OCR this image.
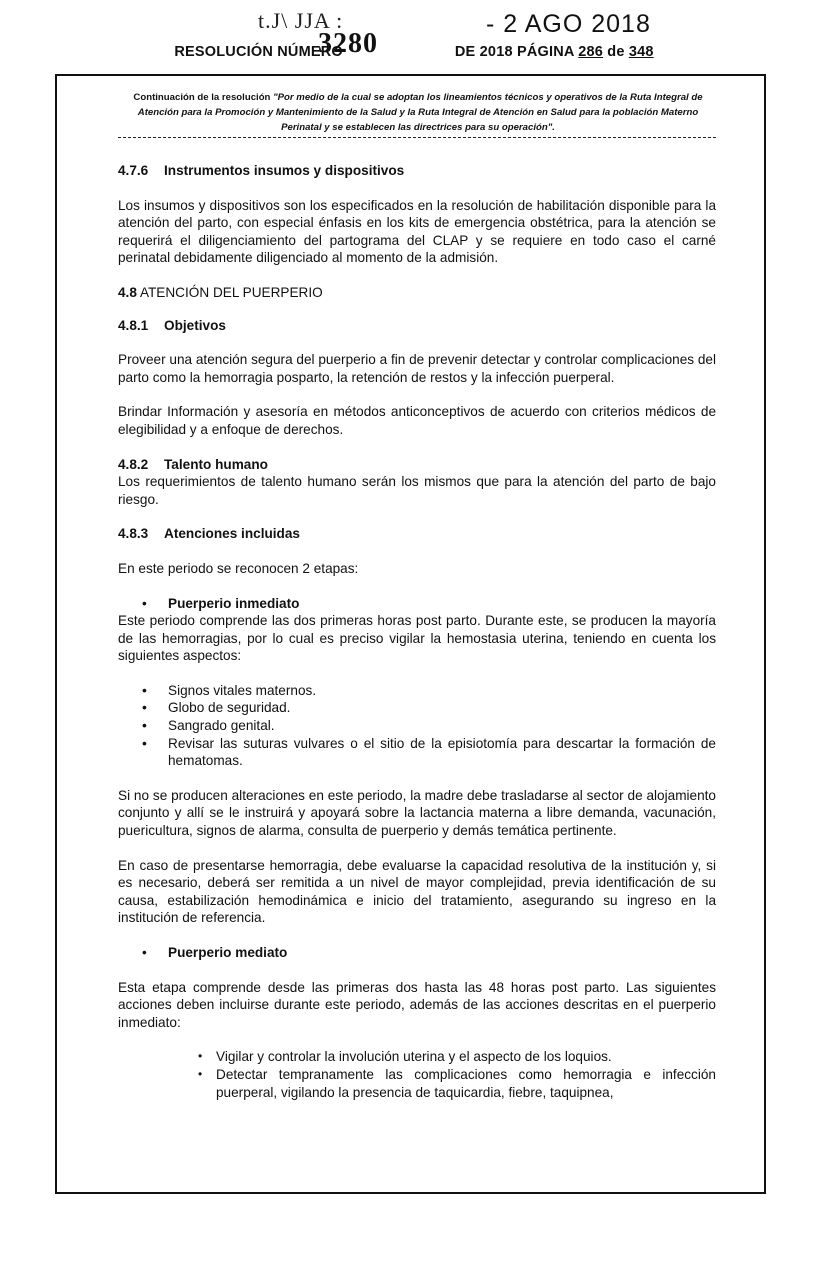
t.J\ JJA :
3280
- 2 AGO 2018
RESOLUCIÓN NÚMERO	DE 2018 PÁGINA 286 de 348
Continuación de la resolución "Por medio de la cual se adoptan los lineamientos técnicos y operativos de la Ruta Integral de Atención para la Promoción y Mantenimiento de la Salud y la Ruta Integral de Atención en Salud para la población Materno Perinatal y se establecen las directrices para su operación".

4.7.6 Instrumentos insumos y dispositivos

Los insumos y dispositivos son los especificados en la resolución de habilitación disponible para la atención del parto, con especial énfasis en los kits de emergencia obstétrica, para la atención se requerirá el diligenciamiento del partograma del CLAP y se requiere en todo caso el carné perinatal debidamente diligenciado al momento de la admisión.

4.8 ATENCIÓN DEL PUERPERIO

4.8.1 Objetivos

Proveer una atención segura del puerperio a fin de prevenir detectar y controlar complicaciones del parto como la hemorragia posparto, la retención de restos y la infección puerperal.

Brindar Información y asesoría en métodos anticonceptivos de acuerdo con criterios médicos de elegibilidad y a enfoque de derechos.

4.8.2 Talento humano

Los requerimientos de talento humano serán los mismos que para la atención del parto de bajo riesgo.

4.8.3 Atenciones incluidas

En este periodo se reconocen 2 etapas:

• Puerperio inmediato

Este periodo comprende las dos primeras horas post parto. Durante este, se producen la mayoría de las hemorragias, por lo cual es preciso vigilar la hemostasia uterina, teniendo en cuenta los siguientes aspectos:

• Signos vitales maternos.
• Globo de seguridad.
• Sangrado genital.
• Revisar las suturas vulvares o el sitio de la episiotomía para descartar la formación de hematomas.

Si no se producen alteraciones en este periodo, la madre debe trasladarse al sector de alojamiento conjunto y allí se le instruirá y apoyará sobre la lactancia materna a libre demanda, vacunación, puericultura, signos de alarma, consulta de puerperio y demás temática pertinente.

En caso de presentarse hemorragia, debe evaluarse la capacidad resolutiva de la institución y, si es necesario, deberá ser remitida a un nivel de mayor complejidad, previa identificación de su causa, estabilización hemodinámica e inicio del tratamiento, asegurando su ingreso en la institución de referencia.

• Puerperio mediato

Esta etapa comprende desde las primeras dos hasta las 48 horas post parto. Las siguientes acciones deben incluirse durante este periodo, además de las acciones descritas en el puerperio inmediato:

• Vigilar y controlar la involución uterina y el aspecto de los loquios.
• Detectar tempranamente las complicaciones como hemorragia e infección puerperal, vigilando la presencia de taquicardia, fiebre, taquipnea,
